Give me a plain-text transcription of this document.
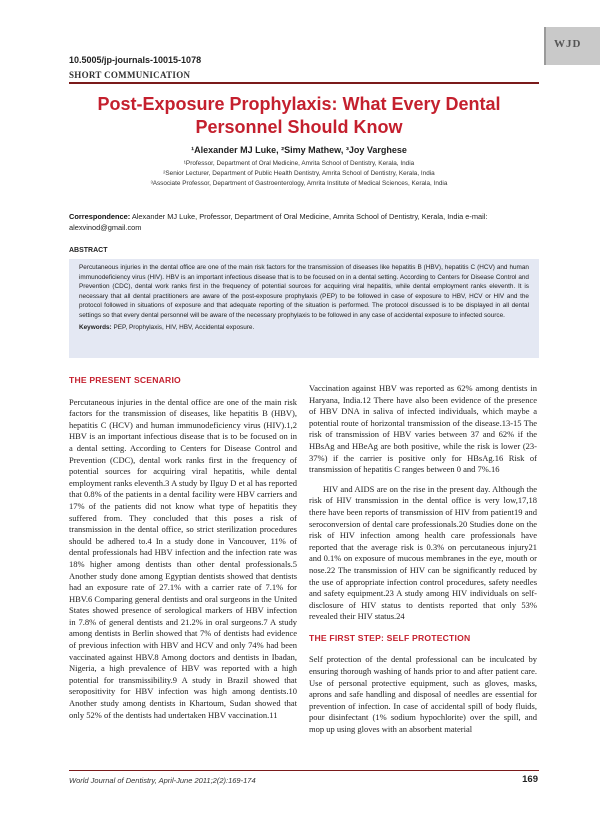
WJD
10.5005/jp-journals-10015-1078
SHORT COMMUNICATION
Post-Exposure Prophylaxis: What Every Dental Personnel Should Know
¹Alexander MJ Luke, ²Simy Mathew, ³Joy Varghese
¹Professor, Department of Oral Medicine, Amrita School of Dentistry, Kerala, India
²Senior Lecturer, Department of Public Health Dentistry, Amrita School of Dentistry, Kerala, India
³Associate Professor, Department of Gastroenterology, Amrita Institute of Medical Sciences, Kerala, India
Correspondence: Alexander MJ Luke, Professor, Department of Oral Medicine, Amrita School of Dentistry, Kerala, India e-mail: alexvinod@gmail.com
ABSTRACT
Percutaneous injuries in the dental office are one of the main risk factors for the transmission of diseases like hepatitis B (HBV), hepatitis C (HCV) and human immunodeficiency virus (HIV). HBV is an important infectious disease that is to be focused on in a dental setting. According to Centers for Disease Control and Prevention (CDC), dental work ranks first in the frequency of potential sources for acquiring viral hepatitis, while dental employment ranks eleventh. It is necessary that all dental practitioners are aware of the post-exposure prophylaxis (PEP) to be followed in case of exposure to HBV, HCV or HIV and the protocol followed in situations of exposure and that adequate reporting of the situation is performed. The protocol discussed is to be displayed in all dental settings so that every dental personnel will be aware of the necessary prophylaxis to be followed in any case of accidental exposure to infected source.
Keywords: PEP, Prophylaxis, HIV, HBV, Accidental exposure.
THE PRESENT SCENARIO

Percutaneous injuries in the dental office are one of the main risk factors for the transmission of diseases, like hepatitis B (HBV), hepatitis C (HCV) and human immunodeficiency virus (HIV).1,2 HBV is an important infectious disease that is to be focused on in a dental setting. According to Centers for Disease Control and Prevention (CDC), dental work ranks first in the frequency of potential sources for acquiring viral hepatitis, while dental employment ranks eleventh.3 A study by Ilguy D et al has reported that 0.8% of the patients in a dental facility were HBV carriers and 17% of the patients did not know what type of hepatitis they suffered from. They concluded that this poses a risk of transmission in the dental office, so strict sterilization procedures should be adhered to.4 In a study done in Vancouver, 11% of dental professionals had HBV infection and the infection rate was 18% higher among dentists than other dental professionals.5 Another study done among Egyptian dentists showed that dentists had an exposure rate of 27.1% with a carrier rate of 7.1% for HBV.6 Comparing general dentists and oral surgeons in the United States showed presence of serological markers of HBV infection in 7.8% of general dentists and 21.2% in oral surgeons.7 A study among dentists in Berlin showed that 7% of dentists had evidence of previous infection with HBV and HCV and only 74% had been vaccinated against HBV.8 Among doctors and dentists in Ibadan, Nigeria, a high prevalence of HBV was reported with a high potential for transmissibility.9 A study in Brazil showed that seropositivity for HBV infection was high among dentists.10 Another study among dentists in Khartoum, Sudan showed that only 52% of the dentists had undertaken HBV vaccination.11

Vaccination against HBV was reported as 62% among dentists in Haryana, India.12 There have also been evidence of the presence of HBV DNA in saliva of infected individuals, which maybe a potential route of horizontal transmission of the disease.13-15 The risk of transmission of HBV varies between 37 and 62% if the HBsAg and HBeAg are both positive, while the risk is lower (23-37%) if the carrier is positive only for HBsAg.16 Risk of transmission of hepatitis C ranges between 0 and 7%.16

HIV and AIDS are on the rise in the present day. Although the risk of HIV transmission in the dental office is very low,17,18 there have been reports of transmission of HIV from patient19 and seroconversion of dental care professionals.20 Studies done on the risk of HIV infection among health care professionals have reported that the average risk is 0.3% on percutaneous injury21 and 0.1% on exposure of mucous membranes in the eye, mouth or nose.22 The transmission of HIV can be significantly reduced by the use of appropriate infection control procedures, safety needles and safety equipment.23 A study among HIV individuals on self-disclosure of HIV status to dentists reported that only 53% revealed their HIV status.24

THE FIRST STEP: SELF PROTECTION

Self protection of the dental professional can be inculcated by ensuring thorough washing of hands prior to and after patient care. Use of personal protective equipment, such as gloves, masks, aprons and safe handling and disposal of needles are essential for prevention of infection. In case of accidental spill of body fluids, pour disinfectant (1% sodium hypochlorite) over the spill, and mop up using gloves with an absorbent material

World Journal of Dentistry, April-June 2011;2(2):169-174	169
